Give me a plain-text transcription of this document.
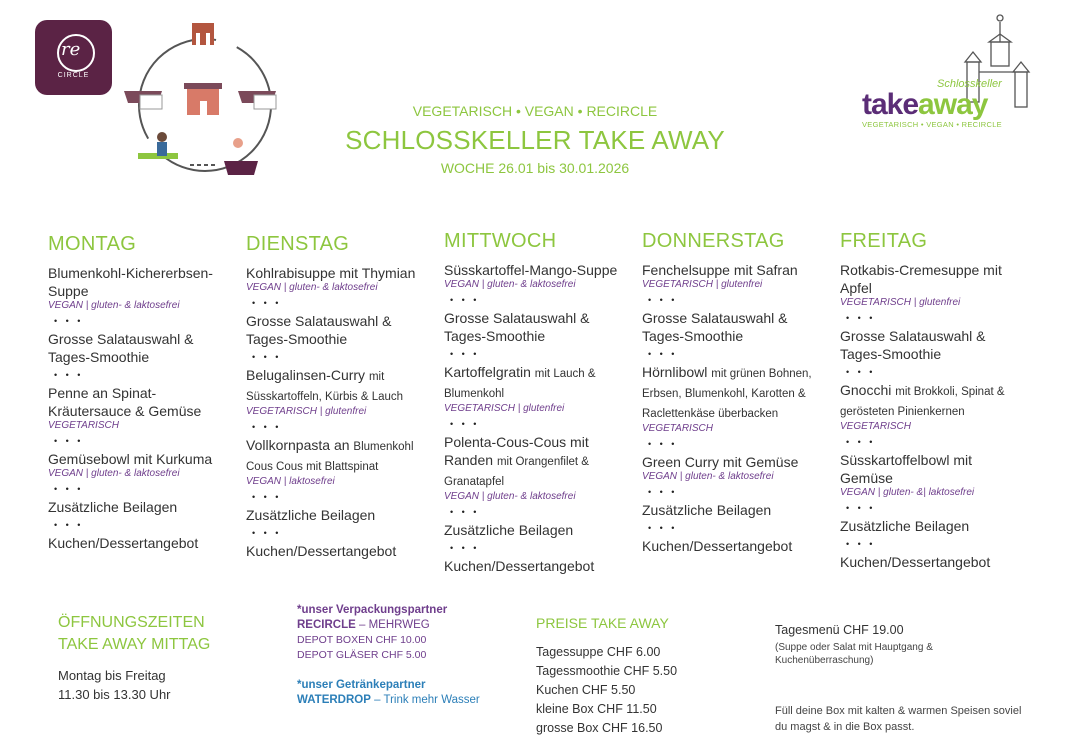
re
CIRCLE
VEGETARISCH • VEGAN • RECIRCLE
SCHLOSSKELLER TAKE AWAY
WOCHE 26.01 bis 30.01.2026
Schlosskeller
takeaway
VEGETARISCH • VEGAN • RECIRCLE
MONTAG
Blumenkohl-Kichererbsen-Suppe
VEGAN | gluten- & laktosefrei
• • •
Grosse Salatauswahl & Tages-Smoothie
• • •
Penne an Spinat-Kräutersauce & Gemüse
VEGETARISCH
• • •
Gemüsebowl mit Kurkuma
VEGAN | gluten- & laktosefrei
• • •
Zusätzliche Beilagen
• • •
Kuchen/Dessertangebot
DIENSTAG
Kohlrabisuppe mit Thymian
VEGAN | gluten- & laktosefrei
• • •
Grosse Salatauswahl & Tages-Smoothie
• • •
Belugalinsen-Curry mit Süsskartoffeln, Kürbis & Lauch
VEGETARISCH | glutenfrei
• • •
Vollkornpasta an Blumenkohl Cous Cous mit Blattspinat
VEGAN | laktosefrei
• • •
Zusätzliche Beilagen
• • •
Kuchen/Dessertangebot
MITTWOCH
Süsskartoffel-Mango-Suppe
VEGAN | gluten- & laktosefrei
• • •
Grosse Salatauswahl & Tages-Smoothie
• • •
Kartoffelgratin mit Lauch & Blumenkohl
VEGETARISCH | glutenfrei
• • •
Polenta-Cous-Cous mit Randen mit Orangenfilet & Granatapfel
VEGAN | gluten- & laktosefrei
• • •
Zusätzliche Beilagen
• • •
Kuchen/Dessertangebot
DONNERSTAG
Fenchelsuppe mit Safran
VEGETARISCH | glutenfrei
• • •
Grosse Salatauswahl & Tages-Smoothie
• • •
Hörnlibowl mit grünen Bohnen, Erbsen, Blumenkohl, Karotten & Raclettenkäse überbacken
VEGETARISCH
• • •
Green Curry mit Gemüse
VEGAN | gluten- & laktosefrei
• • •
Zusätzliche Beilagen
• • •
Kuchen/Dessertangebot
FREITAG
Rotkabis-Cremesuppe mit Apfel
VEGETARISCH | glutenfrei
• • •
Grosse Salatauswahl & Tages-Smoothie
• • •
Gnocchi mit Brokkoli, Spinat & gerösteten Pinienkernen
VEGETARISCH
• • •
Süsskartoffelbowl mit Gemüse
VEGAN | gluten- &| laktosefrei
• • •
Zusätzliche Beilagen
• • •
Kuchen/Dessertangebot
ÖFFNUNGSZEITEN
TAKE AWAY MITTAG
Montag bis Freitag
11.30 bis 13.30 Uhr
*unser Verpackungspartner
RECIRCLE – MEHRWEG
DEPOT BOXEN CHF 10.00
DEPOT GLÄSER CHF 5.00
*unser Getränkepartner
WATERDROP – Trink mehr Wasser
PREISE TAKE AWAY
Tagessuppe CHF 6.00
Tagessmoothie CHF 5.50
Kuchen CHF 5.50
kleine Box CHF 11.50
grosse Box CHF 16.50
Tagesmenü CHF 19.00
(Suppe oder Salat mit Hauptgang & Kuchenüberraschung)
Füll deine Box mit kalten & warmen Speisen soviel du magst & in die Box passt.
